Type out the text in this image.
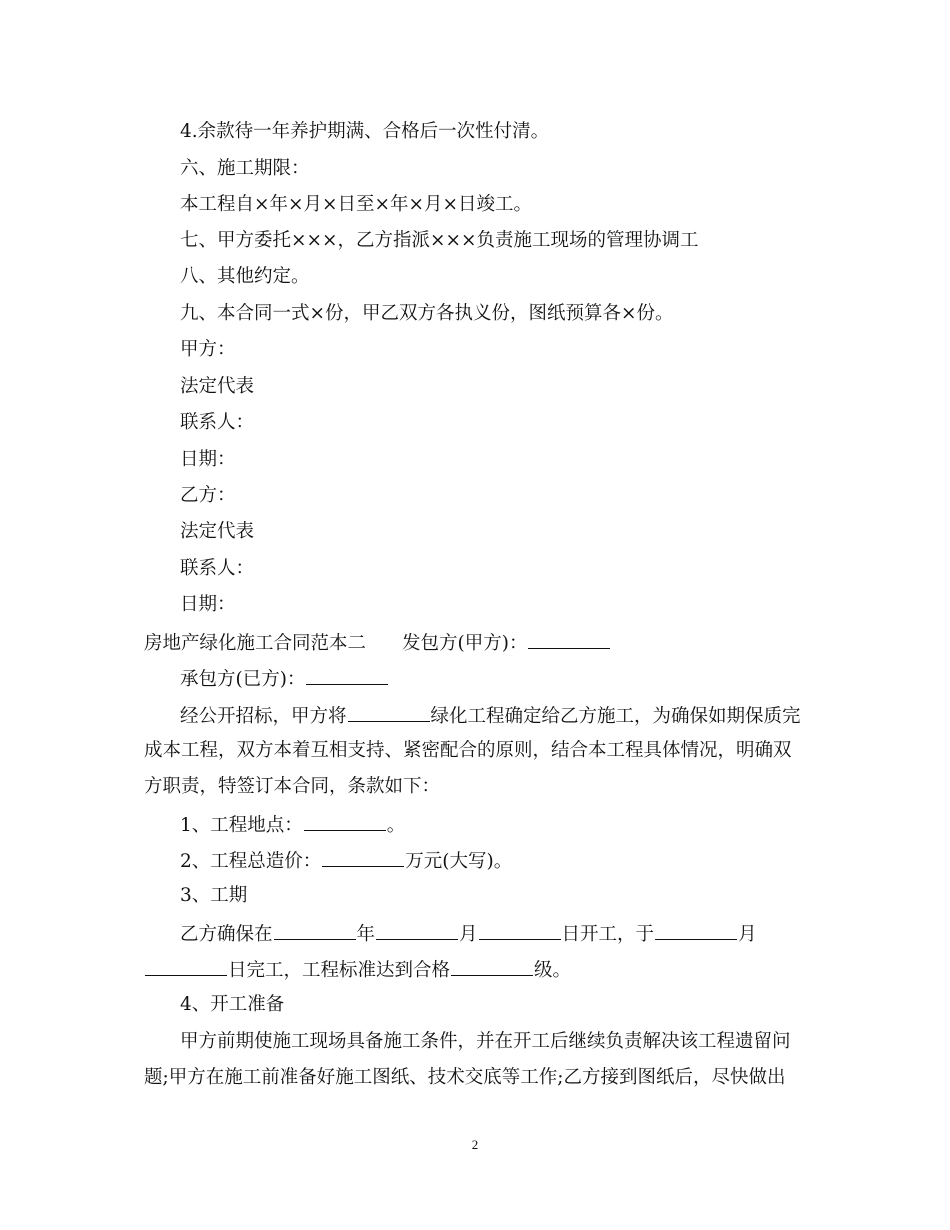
4.余款待一年养护期满、合格后一次性付清。
六、施工期限：
本工程自×年×月×日至×年×月×日竣工。
七、甲方委托×××，乙方指派×××负责施工现场的管理协调工
八、其他约定。
九、本合同一式×份，甲乙双方各执义份，图纸预算各×份。
甲方：
法定代表
联系人：
日期：
乙方：
法定代表
联系人：
日期：
房地产绿化施工合同范本二 发包方(甲方)：
承包方(已方)：
经公开招标，甲方将	绿化工程确定给乙方施工，为确保如期保质完
成本工程，双方本着互相支持、紧密配合的原则，结合本工程具体情况，明确双
方职责，特签订本合同，条款如下：
1、工程地点：	。
2、工程总造价：	万元(大写)。
3、工期
乙方确保在	年	月	日开工，于	月
日完工，工程标准达到合格	级。
4、开工准备
甲方前期使施工现场具备施工条件，并在开工后继续负责解决该工程遗留问
题;甲方在施工前准备好施工图纸、技术交底等工作;乙方接到图纸后，尽快做出
2
